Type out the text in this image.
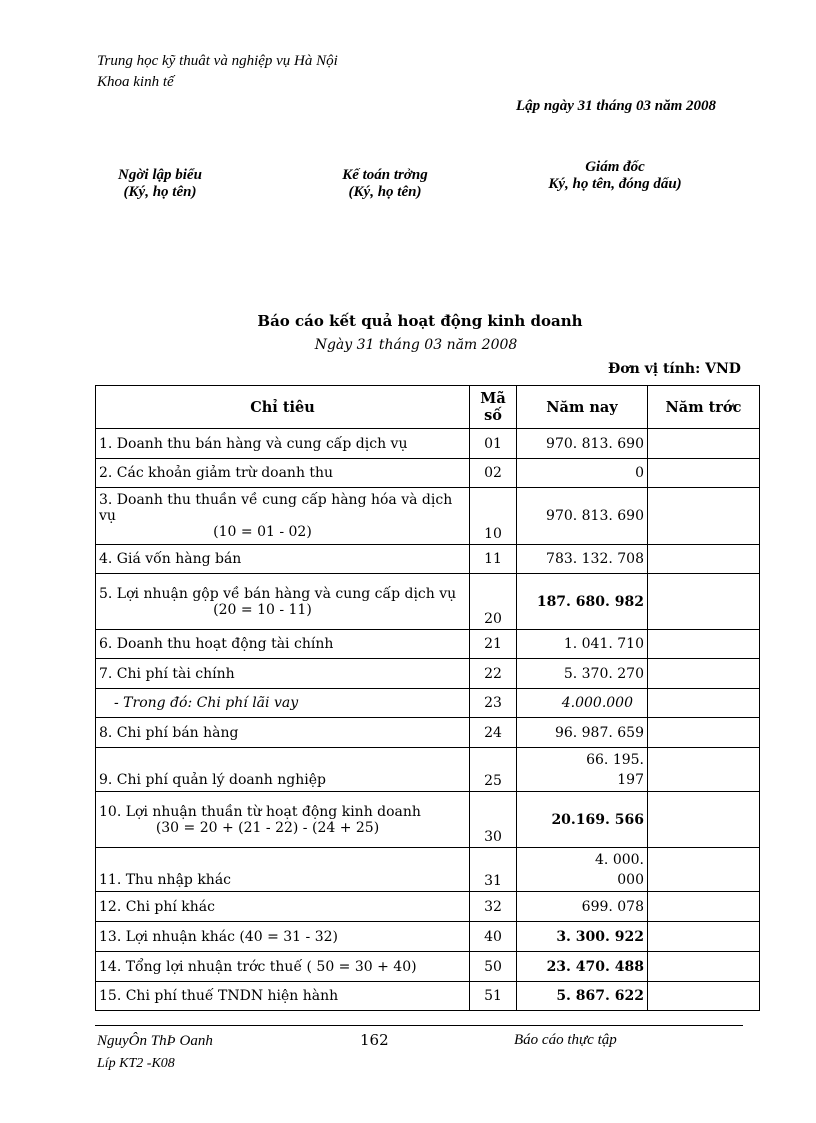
Trung học kỹ thuât và nghiệp vụ Hà Nội
Khoa kinh tế
Lập ngày 31 tháng 03 năm 2008
Ngời lập biểu
(Ký, họ tên)
Kế toán trởng
(Ký, họ tên)
Giám đốc
Ký, họ tên, đóng dấu)
Báo cáo kết quả hoạt động kinh doanh
Ngày 31 tháng 03 năm 2008
Đơn vị tính: VND
Chỉ tiêu	Mã số	Năm nay	Năm trớc
1. Doanh thu bán hàng và cung cấp dịch vụ	01	970. 813. 690	
2. Các khoản giảm trừ doanh thu	02	0	
3. Doanh thu thuần về cung cấp hàng hóa và dịch vụ
(10 = 01 - 02)	10	970. 813. 690	
4. Giá vốn hàng bán	11	783. 132. 708	
5. Lợi nhuận gộp về bán hàng và cung cấp dịch vụ
(20 = 10 - 11)	20	187. 680. 982	
6. Doanh thu hoạt động tài chính	21	1. 041. 710	
7. Chi phí tài chính	22	5. 370. 270	
- Trong đó: Chi phí lãi vay	23	4.000.000	
8. Chi phí bán hàng	24	96. 987. 659	
9. Chi phí quản lý doanh nghiệp	25	66. 195.
197	

10. Lợi nhuận thuần từ hoạt động kinh doanh
(30 = 20 + (21 - 22) - (24 + 25)	30	20.169. 566	
11. Thu nhập khác	31	4. 000.
000	

12. Chi phí khác	32	699. 078	
13. Lợi nhuận khác (40 = 31 - 32)	40	3. 300. 922	
14. Tổng lợi nhuận trớc thuế ( 50 = 30 + 40)	50	23. 470. 488	
15. Chi phí thuế TNDN hiện hành	51	5. 867. 622	
NguyÔn ThÞ Oanh	162	Báo cáo thực tập
Líp KT2 -K08
